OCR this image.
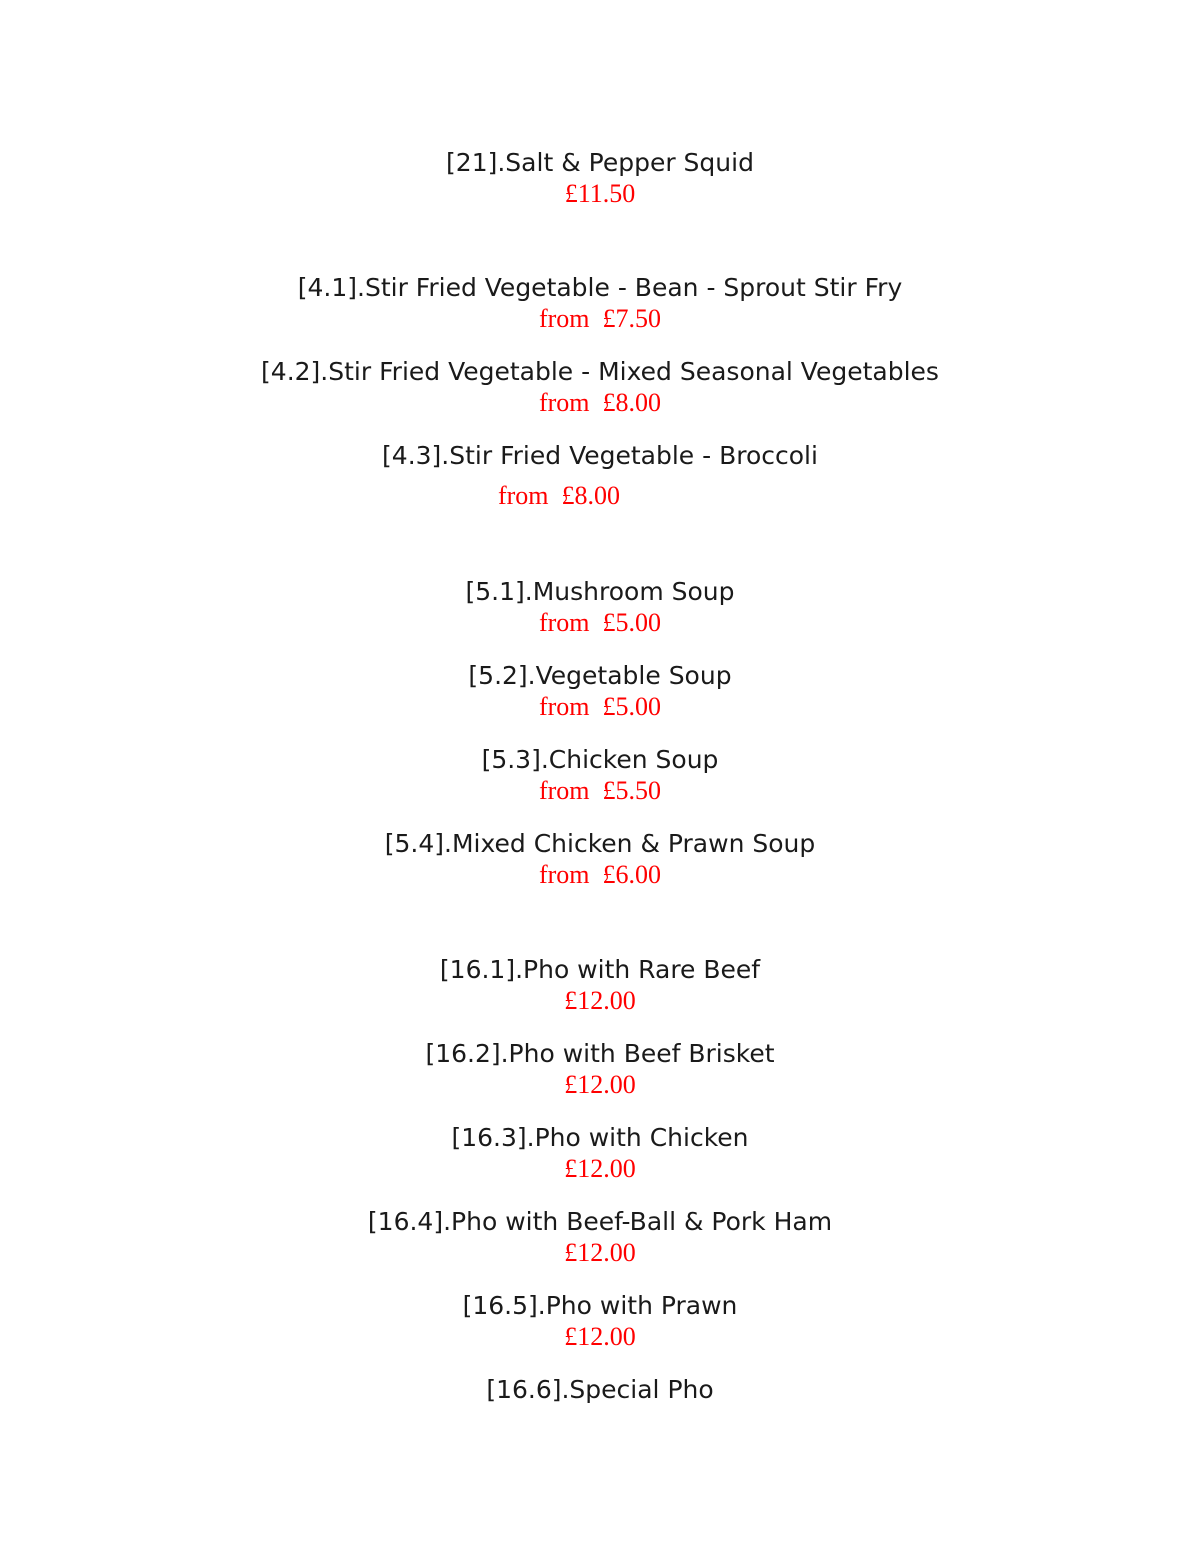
[21].Salt & Pepper Squid
£11.50
[4.1].Stir Fried Vegetable - Bean - Sprout Stir Fry
from  £7.50
[4.2].Stir Fried Vegetable - Mixed Seasonal Vegetables
from  £8.00
[4.3].Stir Fried Vegetable - Broccoli
from  £8.00
[5.1].Mushroom Soup
from  £5.00
[5.2].Vegetable Soup
from  £5.00
[5.3].Chicken Soup
from  £5.50
[5.4].Mixed Chicken & Prawn Soup
from  £6.00
[16.1].Pho with Rare Beef
£12.00
[16.2].Pho with Beef Brisket
£12.00
[16.3].Pho with Chicken
£12.00
[16.4].Pho with Beef-Ball & Pork Ham
£12.00
[16.5].Pho with Prawn
£12.00
[16.6].Special Pho
